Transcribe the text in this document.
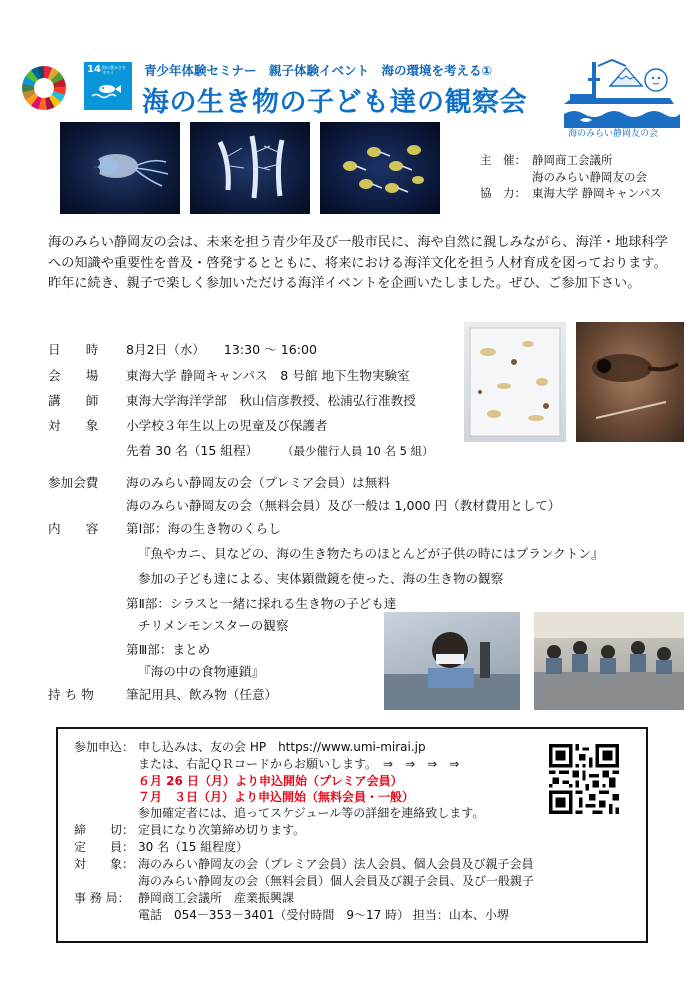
14 海の豊かさを守ろう	青少年体験セミナー　親子体験イベント　海の環境を考える①
海の生き物の子ども達の観察会
海のみらい静岡友の会
主　催： 静岡商工会議所
海のみらい静岡友の会
協　力： 東海大学 静岡キャンパス
海のみらい静岡友の会は、未来を担う青少年及び一般市民に、海や自然に親しみながら、海洋・地球科学への知識や重要性を普及・啓発するとともに、将来における海洋文化を担う人材育成を図っております。昨年に続き、親子で楽しく参加いただける海洋イベントを企画いたしました。ぜひ、ご参加下さい。
日　　時 8月2日（水）　　13:30 ～ 16:00
会　　場 東海大学 静岡キャンパス　8 号館 地下生物実験室
講　　師 東海大学海洋学部　秋山信彦教授、松浦弘行准教授
対　　象 小学校３年生以上の児童及び保護者
先着 30 名（15 組程） （最少催行人員 10 名 5 組）
参加会費 海のみらい静岡友の会（プレミア会員）は無料
海のみらい静岡友の会（無料会員）及び一般は 1,000 円（教材費用として）
内　　容 第Ⅰ部：海の生き物のくらし
『魚やカニ、貝などの、海の生き物たちのほとんどが子供の時にはプランクトン』
参加の子ども達による、実体顕微鏡を使った、海の生き物の観察
第Ⅱ部：シラスと一緒に採れる生き物の子ども達
チリメンモンスターの観察
第Ⅲ部：まとめ
『海の中の食物連鎖』
持 ち 物	筆記用具、飲み物（任意）
参加申込： 申し込みは、友の会 HP　https://www.umi-mirai.jp
または、右記ＱＲコードからお願いします。　⇒　⇒　⇒　⇒
６月 26 日（月）より申込開始（プレミア会員）
７月　３日（月）より申込開始（無料会員・一般）
参加確定者には、追ってスケジュール等の詳細を連絡致します。
締　　切： 定員になり次第締め切ります。
定　　員： 30 名（15 組程度）
対　　象： 海のみらい静岡友の会（プレミア会員）法人会員、個人会員及び親子会員
海のみらい静岡友の会（無料会員）個人会員及び親子会員、及び一般親子
事 務 局： 静岡商工会議所　産業振興課
電話　054－353－3401（受付時間　9～17 時） 担当：山本、小堺
